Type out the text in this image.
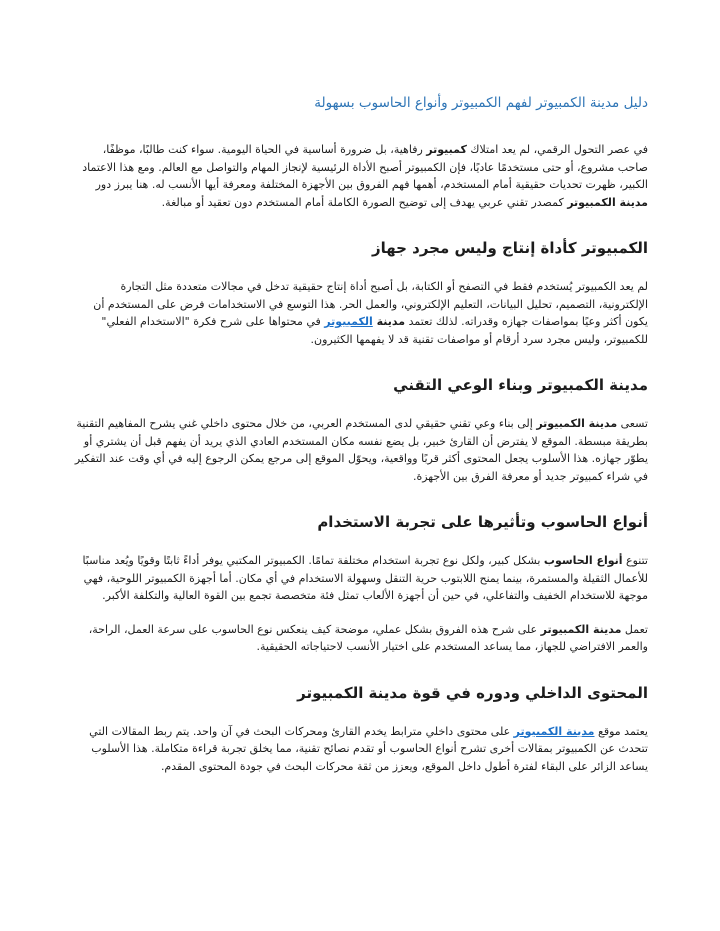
دليل مدينة الكمبيوتر لفهم الكمبيوتر وأنواع الحاسوب بسهولة

في عصر التحول الرقمي، لم يعد امتلاك كمبيوتر رفاهية، بل ضرورة أساسية في الحياة اليومية. سواء كنت طالبًا، موظفًا، صاحب مشروع، أو حتى مستخدمًا عاديًا، فإن الكمبيوتر أصبح الأداة الرئيسية لإنجاز المهام والتواصل مع العالم. ومع هذا الاعتماد الكبير، ظهرت تحديات حقيقية أمام المستخدم، أهمها فهم الفروق بين الأجهزة المختلفة ومعرفة أيها الأنسب له. هنا يبرز دور مدينة الكمبيوتر كمصدر تقني عربي يهدف إلى توضيح الصورة الكاملة أمام المستخدم دون تعقيد أو مبالغة.

الكمبيوتر كأداة إنتاج وليس مجرد جهاز

لم يعد الكمبيوتر يُستخدم فقط في التصفح أو الكتابة، بل أصبح أداة إنتاج حقيقية تدخل في مجالات متعددة مثل التجارة الإلكترونية، التصميم، تحليل البيانات، التعليم الإلكتروني، والعمل الحر. هذا التوسع في الاستخدامات فرض على المستخدم أن يكون أكثر وعيًا بمواصفات جهازه وقدراته. لذلك تعتمد مدينة الكمبيوتر في محتواها على شرح فكرة "الاستخدام الفعلي" للكمبيوتر، وليس مجرد سرد أرقام أو مواصفات تقنية قد لا يفهمها الكثيرون.

مدينة الكمبيوتر وبناء الوعي التقني

تسعى مدينة الكمبيوتر إلى بناء وعي تقني حقيقي لدى المستخدم العربي، من خلال محتوى داخلي غني يشرح المفاهيم التقنية بطريقة مبسطة. الموقع لا يفترض أن القارئ خبير، بل يضع نفسه مكان المستخدم العادي الذي يريد أن يفهم قبل أن يشتري أو يطوّر جهازه. هذا الأسلوب يجعل المحتوى أكثر قربًا وواقعية، ويحوّل الموقع إلى مرجع يمكن الرجوع إليه في أي وقت عند التفكير في شراء كمبيوتر جديد أو معرفة الفرق بين الأجهزة.

أنواع الحاسوب وتأثيرها على تجربة الاستخدام

تتنوع أنواع الحاسوب بشكل كبير، ولكل نوع تجربة استخدام مختلفة تمامًا. الكمبيوتر المكتبي يوفر أداءً ثابتًا وقويًا ويُعد مناسبًا للأعمال الثقيلة والمستمرة، بينما يمنح اللابتوب حرية التنقل وسهولة الاستخدام في أي مكان. أما أجهزة الكمبيوتر اللوحية، فهي موجهة للاستخدام الخفيف والتفاعلي، في حين أن أجهزة الألعاب تمثل فئة متخصصة تجمع بين القوة العالية والتكلفة الأكبر.

تعمل مدينة الكمبيوتر على شرح هذه الفروق بشكل عملي، موضحة كيف ينعكس نوع الحاسوب على سرعة العمل، الراحة، والعمر الافتراضي للجهاز، مما يساعد المستخدم على اختيار الأنسب لاحتياجاته الحقيقية.

المحتوى الداخلي ودوره في قوة مدينة الكمبيوتر

يعتمد موقع مدينة الكمبيوتر على محتوى داخلي مترابط يخدم القارئ ومحركات البحث في آن واحد. يتم ربط المقالات التي تتحدث عن الكمبيوتر بمقالات أخرى تشرح أنواع الحاسوب أو تقدم نصائح تقنية، مما يخلق تجربة قراءة متكاملة. هذا الأسلوب يساعد الزائر على البقاء لفترة أطول داخل الموقع، ويعزز من ثقة محركات البحث في جودة المحتوى المقدم.
